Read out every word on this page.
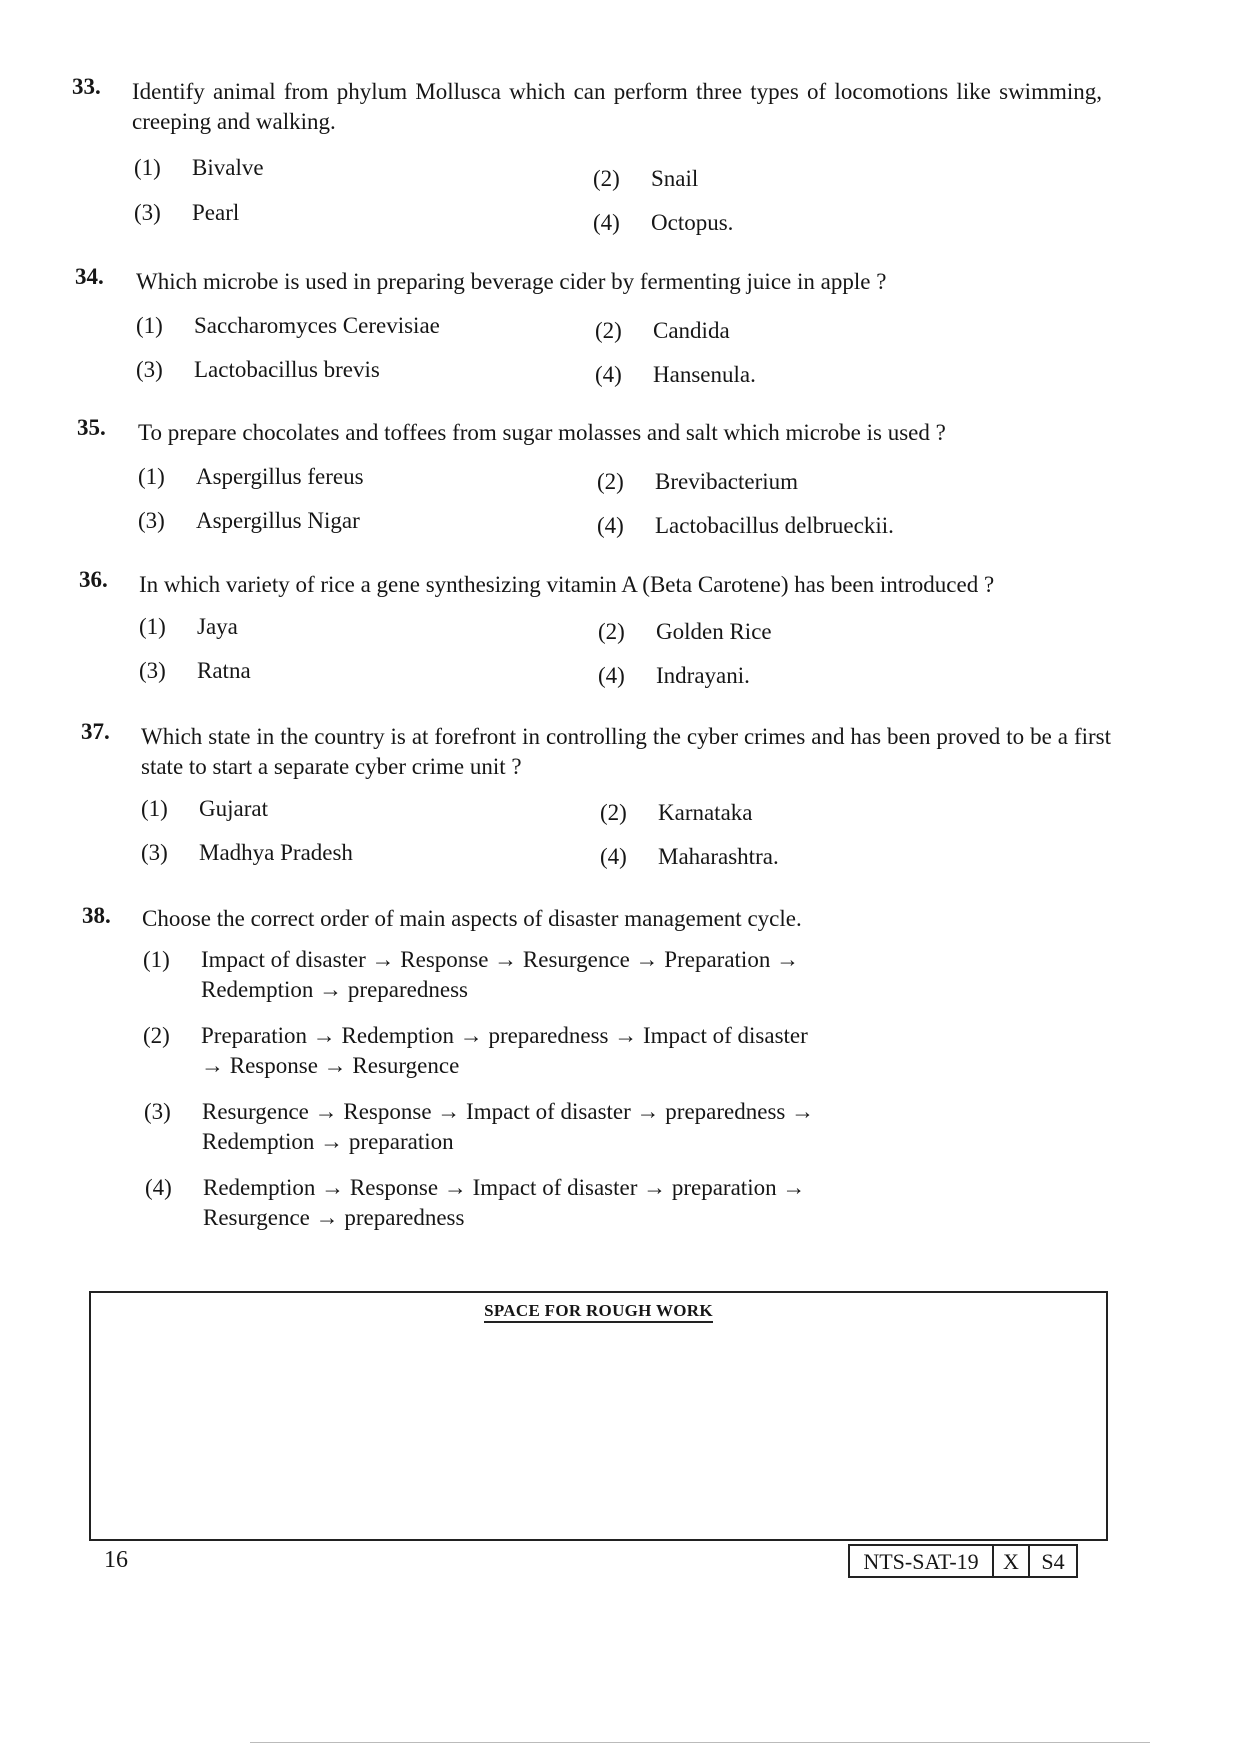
33. Identify animal from phylum Mollusca which can perform three types of locomotions like swimming, creeping and walking.
(1) Bivalve	(2) Snail
(3) Pearl	(4) Octopus.
34. Which microbe is used in preparing beverage cider by fermenting juice in apple ?
(1) Saccharomyces Cerevisiae	(2) Candida
(3) Lactobacillus brevis	(4) Hansenula.
35. To prepare chocolates and toffees from sugar molasses and salt which microbe is used ?
(1) Aspergillus fereus	(2) Brevibacterium
(3) Aspergillus Nigar	(4) Lactobacillus delbrueckii.
36. In which variety of rice a gene synthesizing vitamin A (Beta Carotene) has been introduced ?
(1) Jaya	(2) Golden Rice
(3) Ratna	(4) Indrayani.
37. Which state in the country is at forefront in controlling the cyber crimes and has been proved to be a first state to start a separate cyber crime unit ?
(1) Gujarat	(2) Karnataka
(3) Madhya Pradesh	(4) Maharashtra.
38. Choose the correct order of main aspects of disaster management cycle.
(1)	Impact of disaster → Response → Resurgence → Preparation → Redemption → preparedness
(2)	Preparation → Redemption → preparedness → Impact of disaster → Response → Resurgence
(3)	Resurgence → Response → Impact of disaster → preparedness → Redemption → preparation
(4)	Redemption → Response → Impact of disaster → preparation → Resurgence → preparedness
SPACE FOR ROUGH WORK
16	NTS-SAT-19	X	S4
